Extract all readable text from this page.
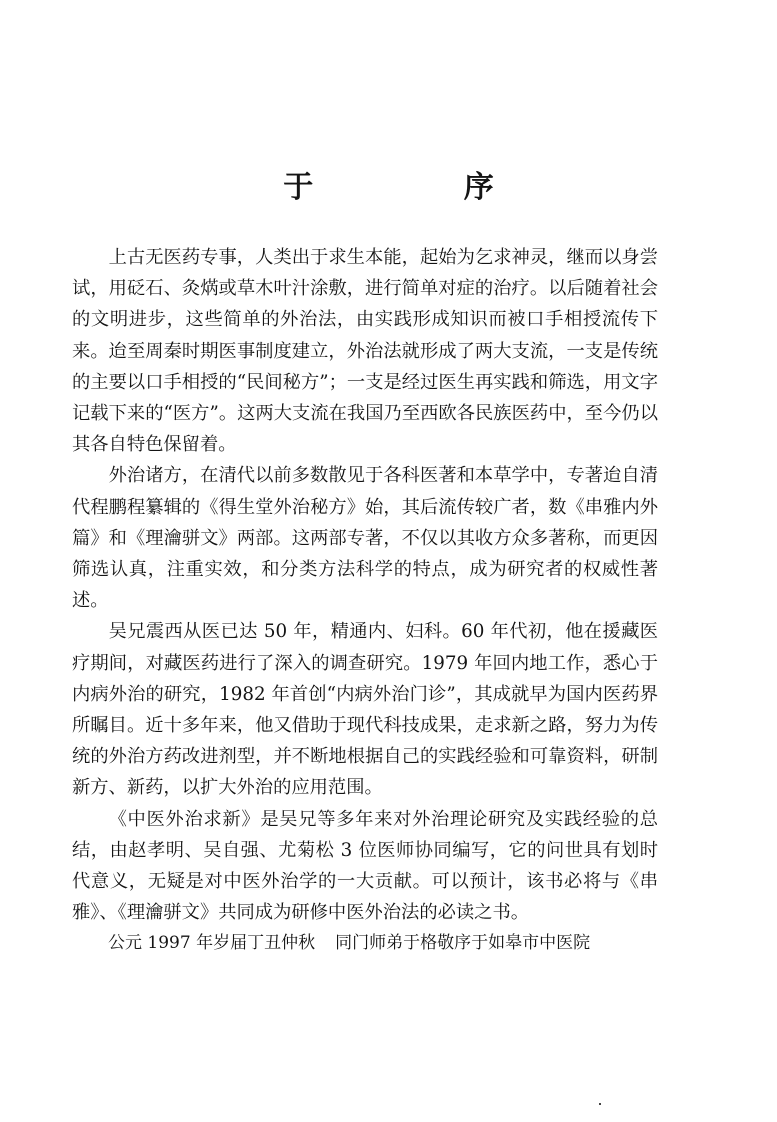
于 序

上古无医药专事，人类出于求生本能，起始为乞求神灵，继而以身尝试，用砭石、灸焫或草木叶汁涂敷，进行简单对症的治疗。以后随着社会的文明进步，这些简单的外治法，由实践形成知识而被口手相授流传下来。迨至周秦时期医事制度建立，外治法就形成了两大支流，一支是传统的主要以口手相授的“民间秘方”；一支是经过医生再实践和筛选，用文字记载下来的“医方”。这两大支流在我国乃至西欧各民族医药中，至今仍以其各自特色保留着。

外治诸方，在清代以前多数散见于各科医著和本草学中，专著迨自清代程鹏程纂辑的《得生堂外治秘方》始，其后流传较广者，数《串雅内外篇》和《理瀹骈文》两部。这两部专著，不仅以其收方众多著称，而更因筛选认真，注重实效，和分类方法科学的特点，成为研究者的权威性著述。

吴兄震西从医已达 50 年，精通内、妇科。60 年代初，他在援藏医疗期间，对藏医药进行了深入的调查研究。1979 年回内地工作，悉心于内病外治的研究，1982 年首创“内病外治门诊”，其成就早为国内医药界所瞩目。近十多年来，他又借助于现代科技成果，走求新之路，努力为传统的外治方药改进剂型，并不断地根据自己的实践经验和可靠资料，研制新方、新药，以扩大外治的应用范围。

《中医外治求新》是吴兄等多年来对外治理论研究及实践经验的总结，由赵孝明、吴自强、尤菊松 3 位医师协同编写，它的问世具有划时代意义，无疑是对中医外治学的一大贡献。可以预计，该书必将与《串雅》、《理瀹骈文》共同成为研修中医外治法的必读之书。

公元 1997 年岁届丁丑仲秋 同门师弟于格敬序于如皋市中医院
